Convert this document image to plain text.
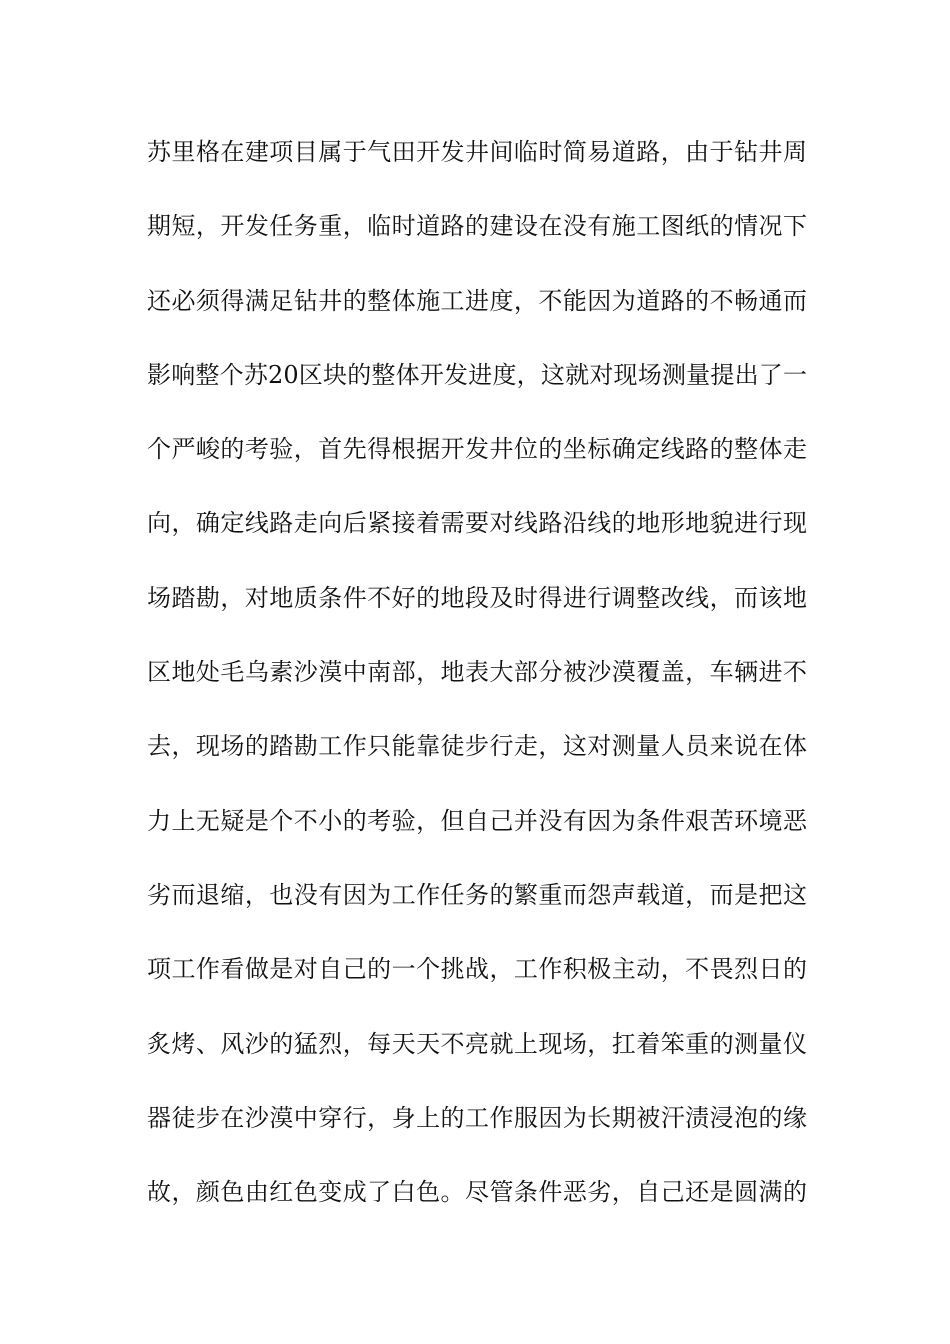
苏里格在建项目属于气田开发井间临时简易道路，由于钻井周
期短，开发任务重，临时道路的建设在没有施工图纸的情况下
还必须得满足钻井的整体施工进度，不能因为道路的不畅通而
影响整个苏20区块的整体开发进度，这就对现场测量提出了一
个严峻的考验，首先得根据开发井位的坐标确定线路的整体走
向，确定线路走向后紧接着需要对线路沿线的地形地貌进行现
场踏勘，对地质条件不好的地段及时得进行调整改线，而该地
区地处毛乌素沙漠中南部，地表大部分被沙漠覆盖，车辆进不
去，现场的踏勘工作只能靠徒步行走，这对测量人员来说在体
力上无疑是个不小的考验，但自己并没有因为条件艰苦环境恶
劣而退缩，也没有因为工作任务的繁重而怨声载道，而是把这
项工作看做是对自己的一个挑战，工作积极主动，不畏烈日的
炙烤、风沙的猛烈，每天天不亮就上现场，扛着笨重的测量仪
器徒步在沙漠中穿行，身上的工作服因为长期被汗渍浸泡的缘
故，颜色由红色变成了白色。尽管条件恶劣，自己还是圆满的
